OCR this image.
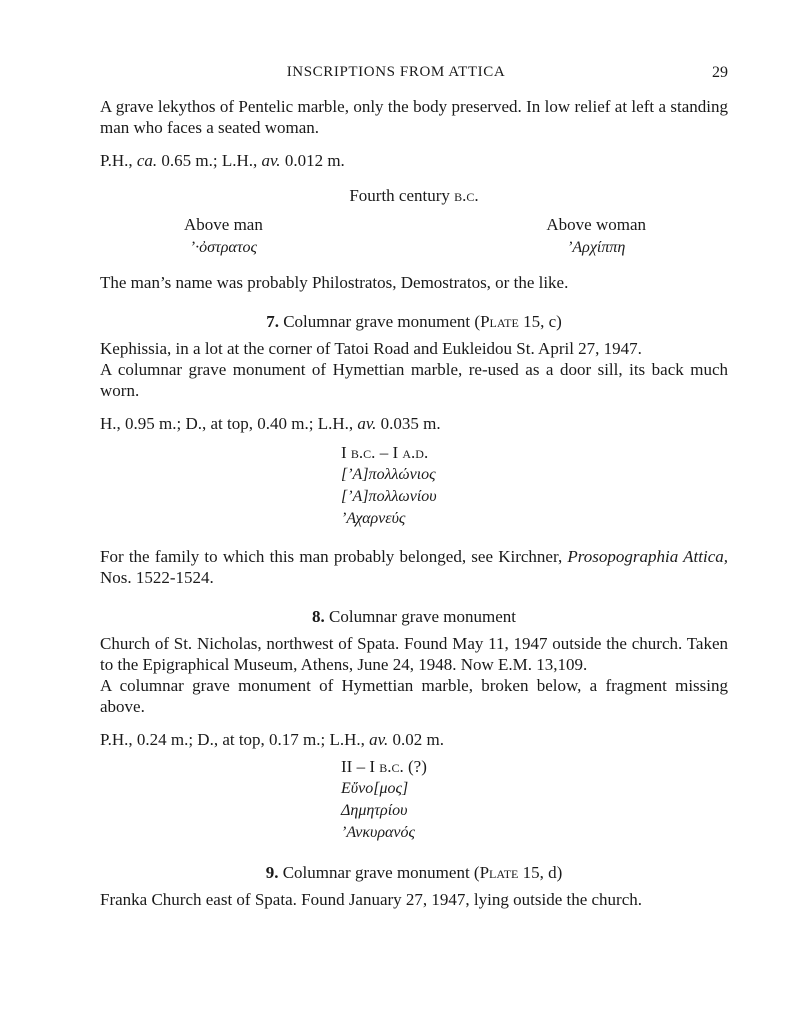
INSCRIPTIONS FROM ATTICA	29

A grave lekythos of Pentelic marble, only the body preserved. In low relief at left a standing man who faces a seated woman.

P.H., ca. 0.65 m.; L.H., av. 0.012 m.

Fourth century b.c.
Above man
ʼ·ὀστρατος
Above woman
ʼΑρχίππη

The man’s name was probably Philostratos, Demostratos, or the like.

7. Columnar grave monument (Plate 15, c)

Kephissia, in a lot at the corner of Tatoi Road and Eukleidou St. April 27, 1947.

A columnar grave monument of Hymettian marble, re-used as a door sill, its back much worn.

H., 0.95 m.; D., at top, 0.40 m.; L.H., av. 0.035 m.

I b.c. – I a.d.
[’Α]πολλώνιος
[’Α]πολλωνίου
’Αχαρνεύς

For the family to which this man probably belonged, see Kirchner, Prosopographia Attica, Nos. 1522-1524.

8. Columnar grave monument

Church of St. Nicholas, northwest of Spata. Found May 11, 1947 outside the church. Taken to the Epigraphical Museum, Athens, June 24, 1948. Now E.M. 13,109.

A columnar grave monument of Hymettian marble, broken below, a fragment missing above.

P.H., 0.24 m.; D., at top, 0.17 m.; L.H., av. 0.02 m.

II – I b.c. (?)
Εὔνο[μος]
Δημητρίου
’Ανκυρανός
9. Columnar grave monument (Plate 15, d)

Franka Church east of Spata. Found January 27, 1947, lying outside the church.
